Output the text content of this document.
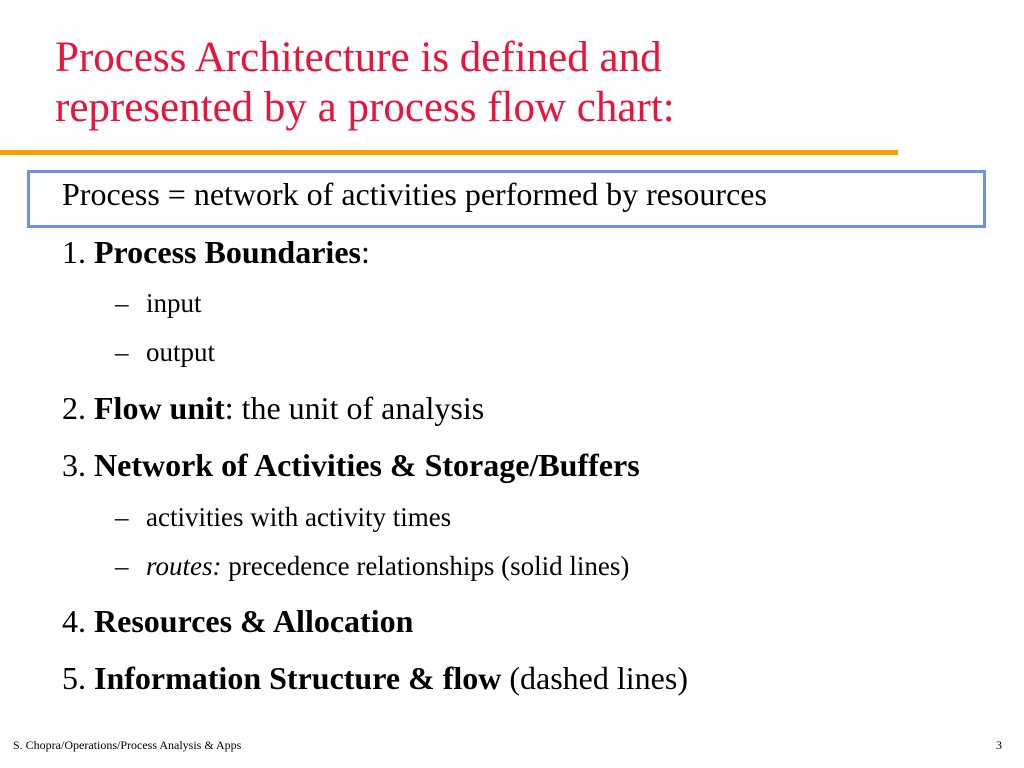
Process Architecture is defined and
represented by a process flow chart:
Process = network of activities performed by resources
1. Process Boundaries:
– input
– output
2. Flow unit: the unit of analysis
3. Network of Activities & Storage/Buffers
– activities with activity times
– routes: precedence relationships (solid lines)
4. Resources & Allocation
5. Information Structure & flow (dashed lines)
S. Chopra/Operations/Process Analysis & Apps	3
